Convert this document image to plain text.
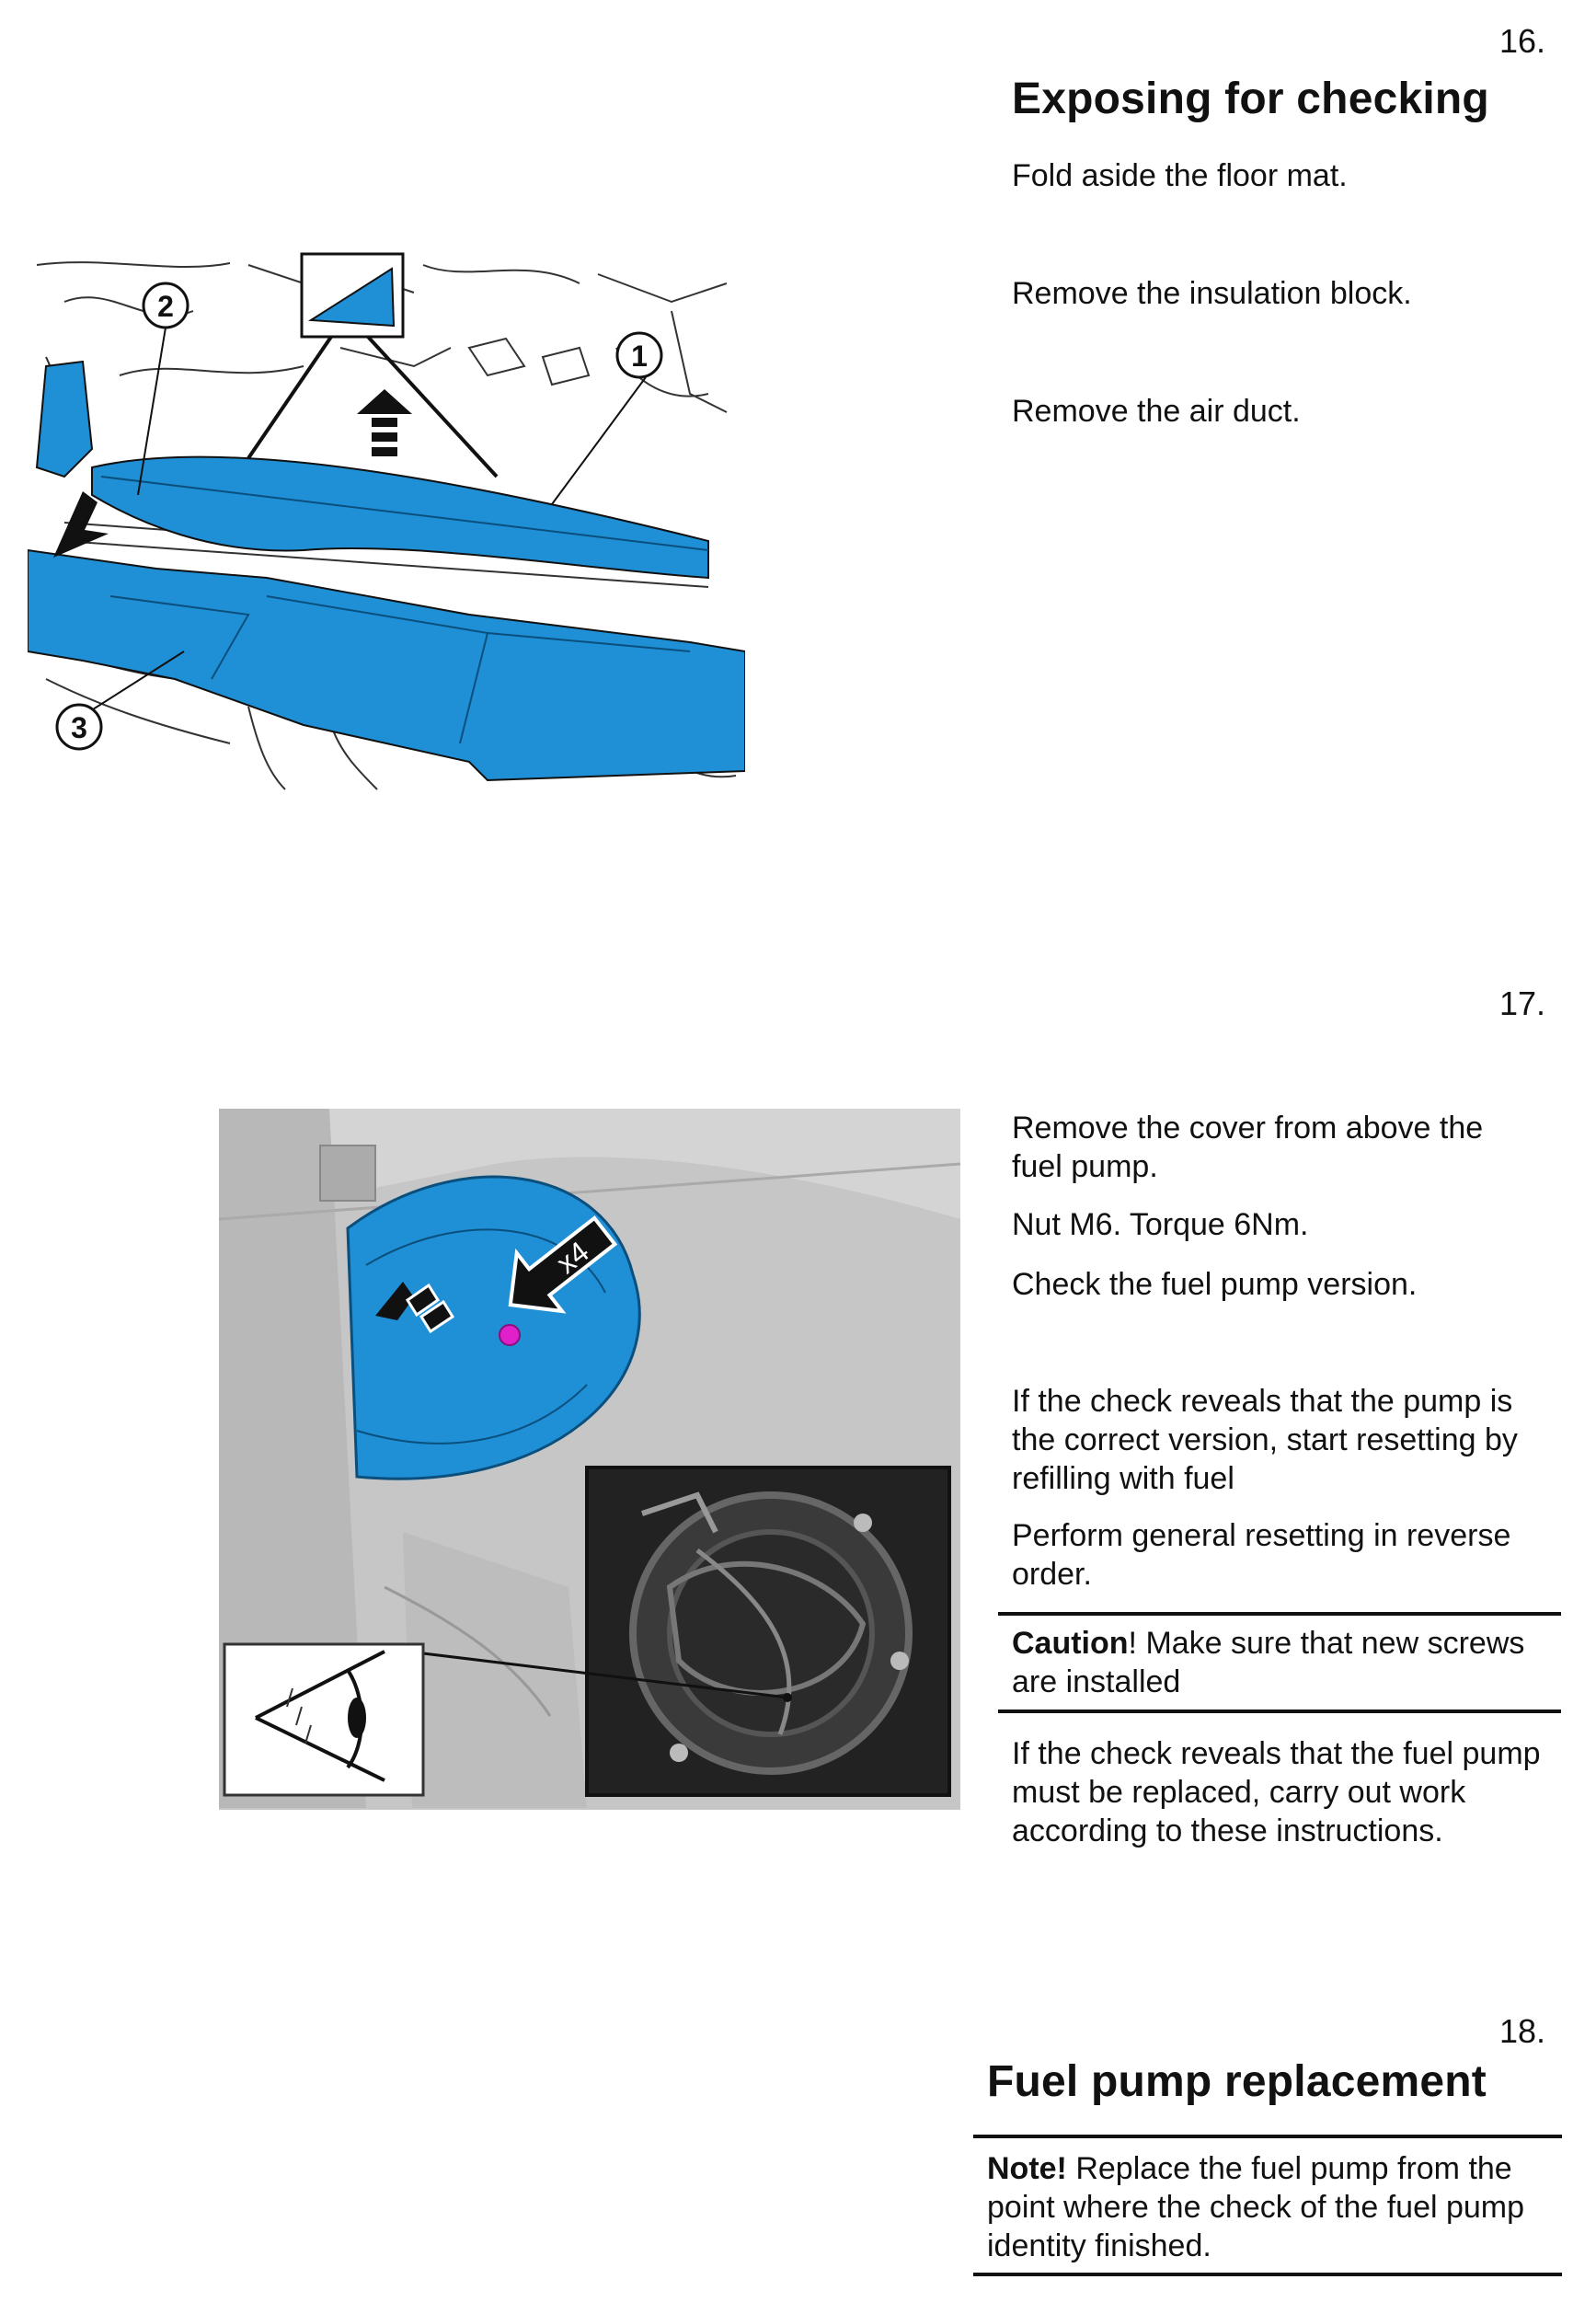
16.
Exposing for checking
Fold aside the floor mat.
Remove the insulation block.
Remove the air duct.
1
2
3
17.
Remove the cover from above the fuel pump.
Nut M6. Torque 6Nm.
Check the fuel pump version.
If the check reveals that the pump is the correct version, start resetting by refilling with fuel
Perform general resetting in reverse order.
Caution! Make sure that new screws are installed
If the check reveals that the fuel pump must be replaced, carry out work according to these instructions.
x4
18.
Fuel pump replacement
Note! Replace the fuel pump from the point where the check of the fuel pump identity finished.
